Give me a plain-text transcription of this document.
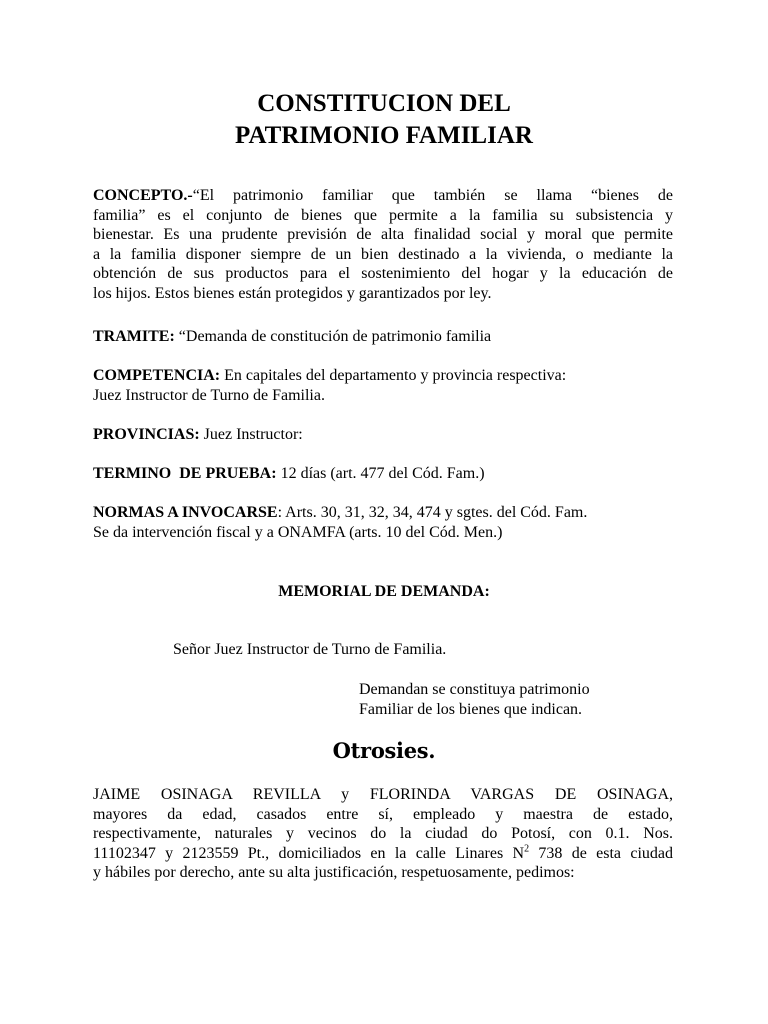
CONSTITUCION DEL
PATRIMONIO FAMILIAR
CONCEPTO.-“El patrimonio familiar que también se llama “bienes de
familia” es el conjunto de bienes que permite a la familia su subsistencia y
bienestar. Es una prudente previsión de alta finalidad social y moral que permite
a la familia disponer siempre de un bien destinado a la vivienda, o mediante la
obtención de sus productos para el sostenimiento del hogar y la educación de
los hijos. Estos bienes están protegidos y garantizados por ley.

TRAMITE: “Demanda de constitución de patrimonio familia

COMPETENCIA: En capitales del departamento y provincia respectiva:
Juez Instructor de Turno de Familia.

PROVINCIAS: Juez Instructor:

TERMINO  DE PRUEBA: 12 días (art. 477 del Cód. Fam.)

NORMAS A INVOCARSE: Arts. 30, 31, 32, 34, 474 y sgtes. del Cód. Fam.
Se da intervención fiscal y a ONAMFA (arts. 10 del Cód. Men.)

MEMORIAL DE DEMANDA:

Señor Juez Instructor de Turno de Familia.

Demandan se constituya patrimonio
Familiar de los bienes que indican.

Otrosies.

JAIME OSINAGA REVILLA y FLORINDA VARGAS DE OSINAGA,
mayores da edad, casados entre sí, empleado y maestra de estado,
respectivamente, naturales y vecinos do la ciudad do Potosí, con 0.1. Nos.
11102347 y 2123559 Pt., domiciliados en la calle Linares $N^2$ 738 de esta ciudad
y hábiles por derecho, ante su alta justificación, respetuosamente, pedimos:
